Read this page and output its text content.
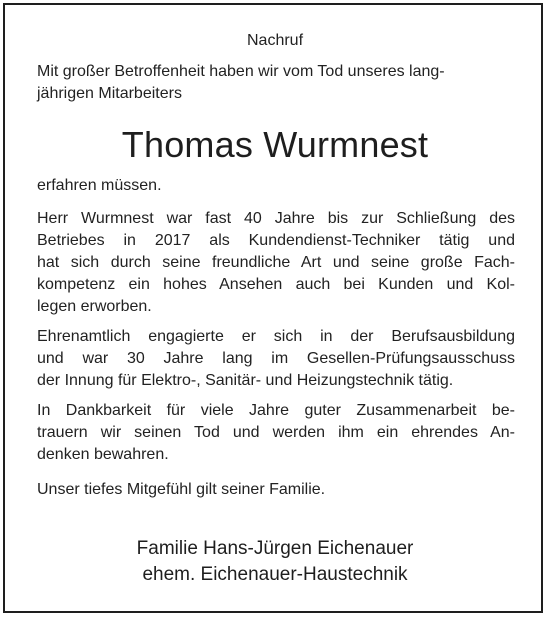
Nachruf
Mit großer Betroffenheit haben wir vom Tod unseres lang-
jährigen Mitarbeiters
Thomas Wurmnest
erfahren müssen.
Herr Wurmnest war fast 40 Jahre bis zur Schließung des
Betriebes in 2017 als Kundendienst-Techniker tätig und
hat sich durch seine freundliche Art und seine große Fach-
kompetenz ein hohes Ansehen auch bei Kunden und Kol-
legen erworben.
Ehrenamtlich engagierte er sich in der Berufsausbildung
und war 30 Jahre lang im Gesellen-Prüfungsausschuss
der Innung für Elektro-, Sanitär- und Heizungstechnik tätig.
In Dankbarkeit für viele Jahre guter Zusammenarbeit be-
trauern wir seinen Tod und werden ihm ein ehrendes An-
denken bewahren.
Unser tiefes Mitgefühl gilt seiner Familie.
Familie Hans-Jürgen Eichenauer
ehem. Eichenauer-Haustechnik
